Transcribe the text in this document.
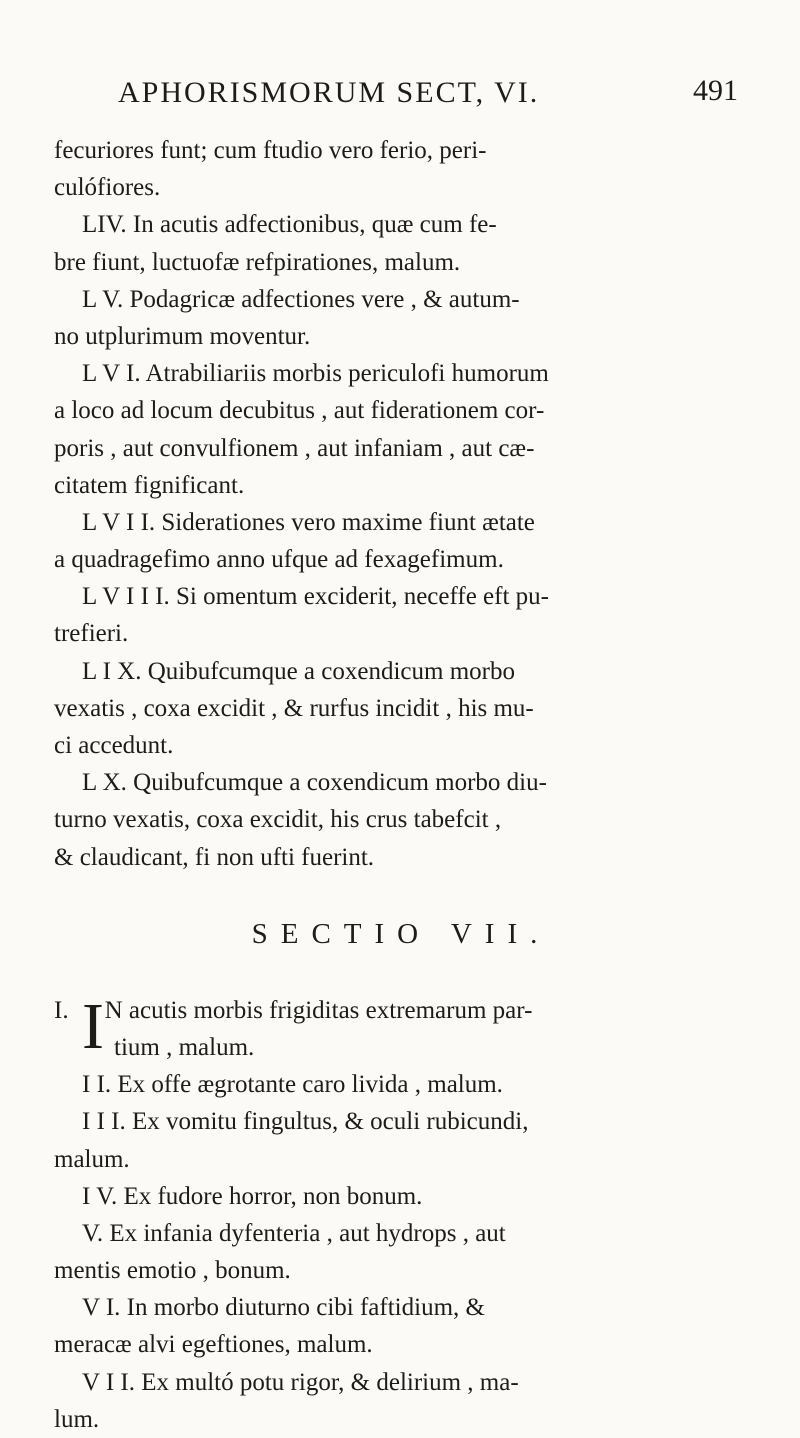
APHORISMORUM SECT, VI.	491
fecuriores funt; cum ftudio vero ferio, peri-
culófiores.
LIV. In acutis adfectionibus, quæ cum fe-
bre fiunt, luctuofæ refpirationes, malum.
L V. Podagricæ adfectiones vere , & autum-
no utplurimum moventur.
L V I. Atrabiliariis morbis periculofi humorum
a loco ad locum decubitus , aut fiderationem cor-
poris , aut convulfionem , aut infaniam , aut cæ-
citatem fignificant.
L V I I. Siderationes vero maxime fiunt ætate
a quadragefimo anno ufque ad fexagefimum.
L V I I I. Si omentum exciderit, neceffe eft pu-
trefieri.
L I X. Quibufcumque a coxendicum morbo
vexatis , coxa excidit , & rurfus incidit , his mu-
ci accedunt.
L X. Quibufcumque a coxendicum morbo diu-
turno vexatis, coxa excidit, his crus tabefcit ,
& claudicant, fi non ufti fuerint.
SECTIO VII.
I. I N acutis morbis frigiditas extremarum par-
tium , malum.
I I. Ex offe ægrotante caro livida , malum.
I I I. Ex vomitu fingultus, & oculi rubicundi,
malum.
I V. Ex fudore horror, non bonum.
V. Ex infania dyfenteria , aut hydrops , aut
mentis emotio , bonum.
V I. In morbo diuturno cibi faftidium, &
meracæ alvi egeftiones, malum.
V I I. Ex multó potu rigor, & delirium , ma-
lum.
